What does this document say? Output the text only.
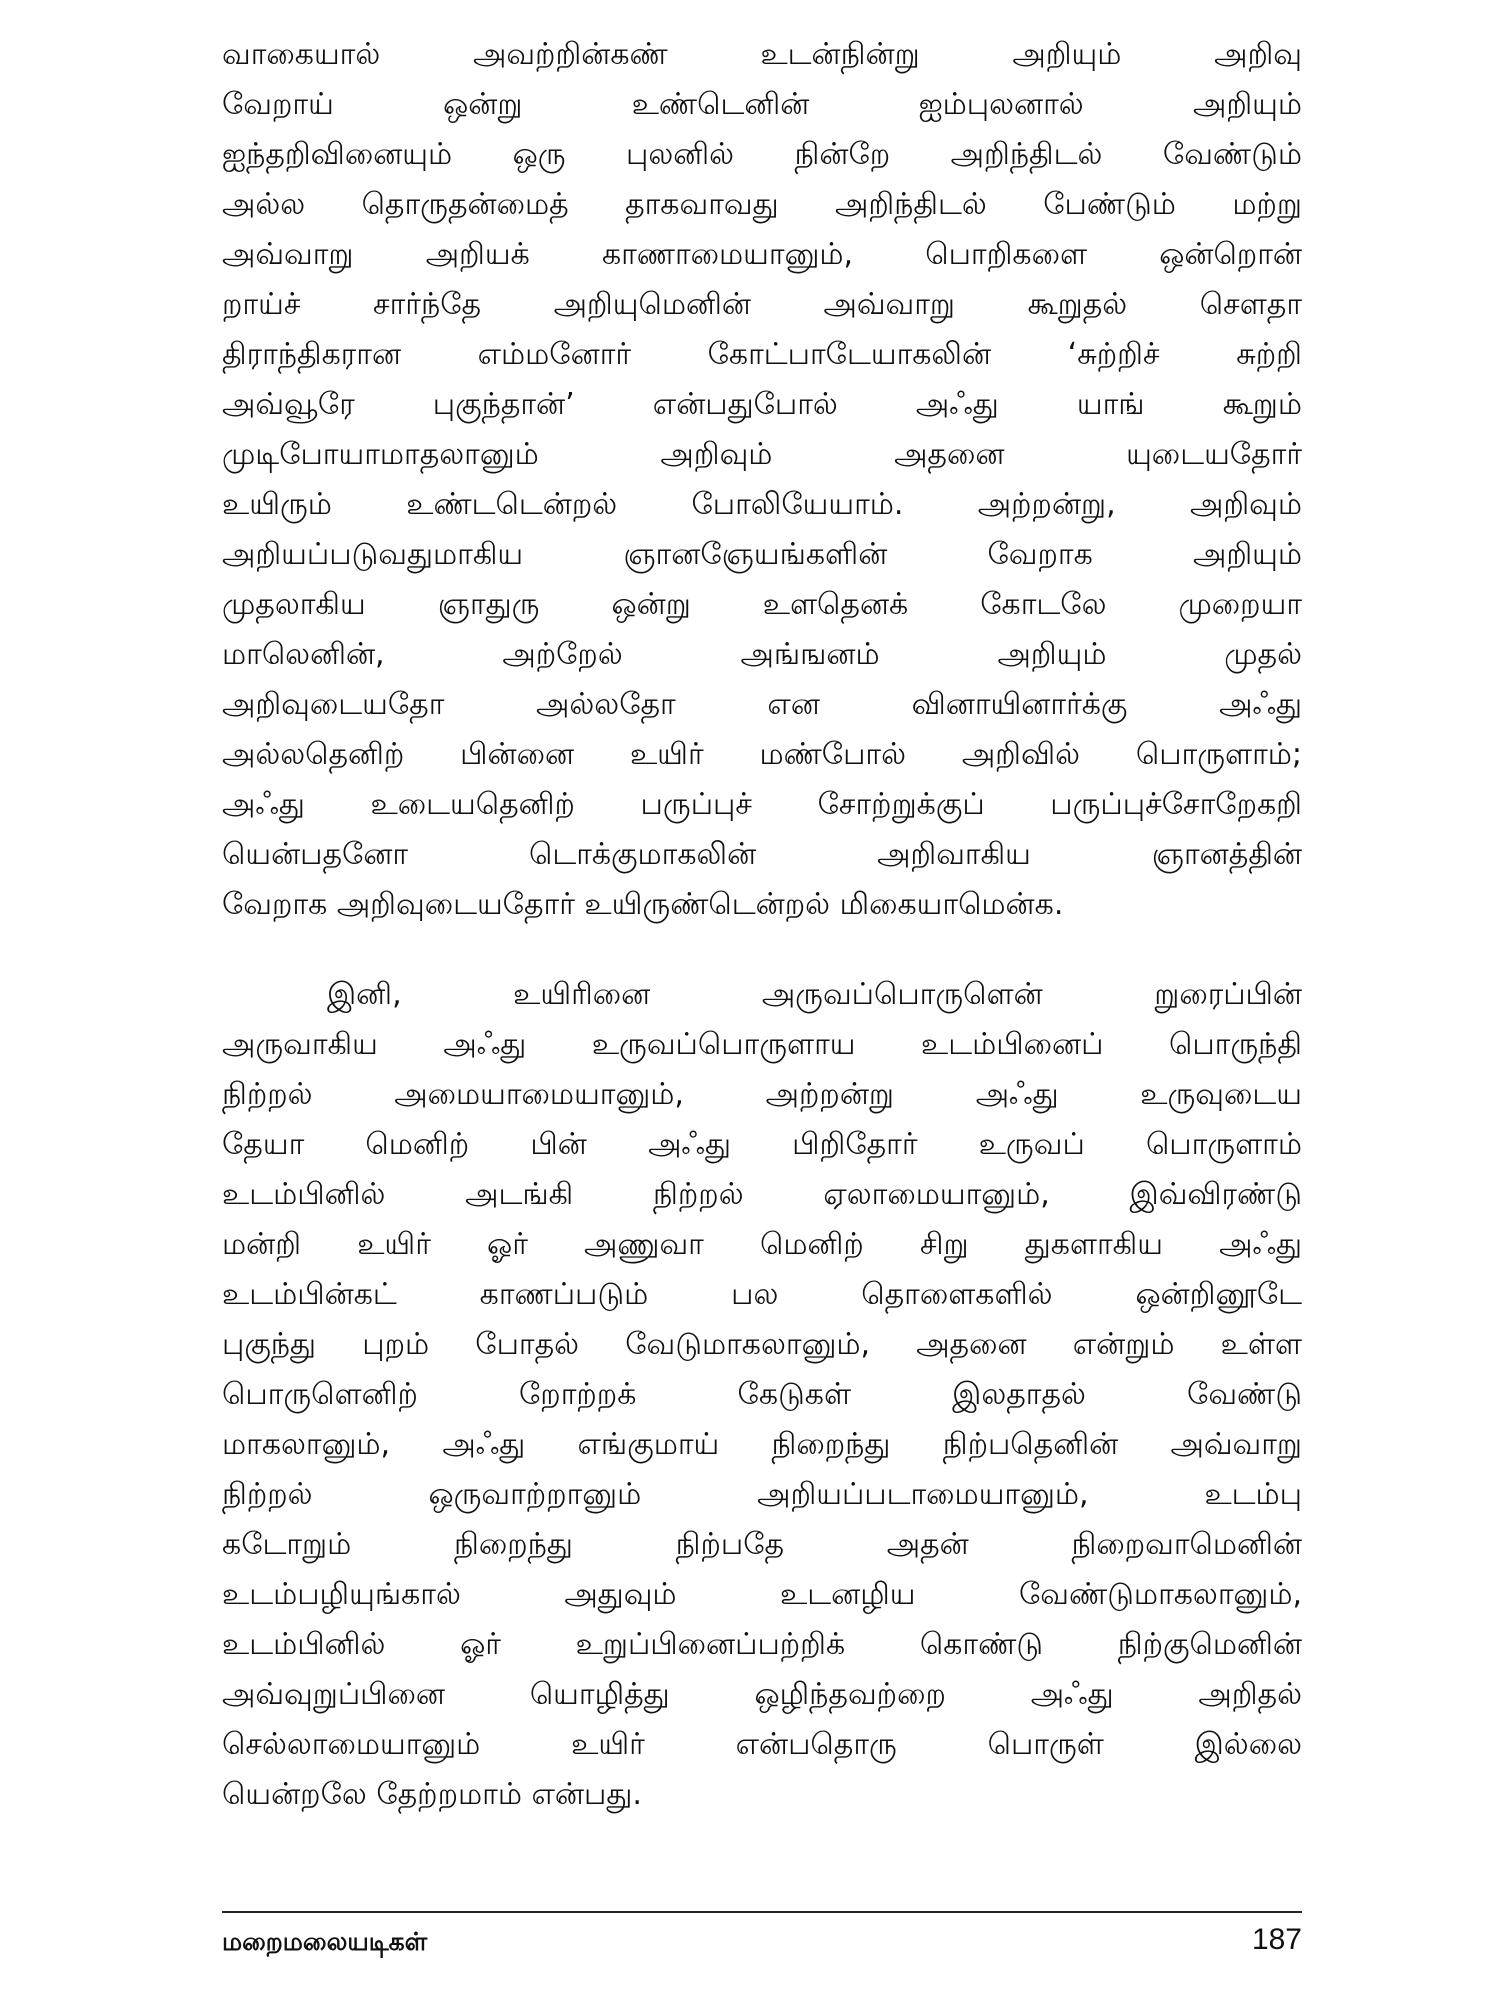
வாகையால் அவற்றின்கண் உடன்நின்று அறியும் அறிவு
வேறாய் ஒன்று உண்டெனின் ஐம்புலனால் அறியும்
ஐந்தறிவினையும் ஒரு புலனில் நின்றே அறிந்திடல் வேண்டும்
அல்ல தொருதன்மைத் தாகவாவது அறிந்திடல் பேண்டும் மற்று
அவ்வாறு அறியக் காணாமையானும், பொறிகளை ஒன்றொன்
றாய்ச் சார்ந்தே அறியுமெனின் அவ்வாறு கூறுதல் சௌதா
திராந்திகரான எம்மனோர் கோட்பாடேயாகலின் ‘சுற்றிச் சுற்றி
அவ்வூரே புகுந்தான்’ என்பதுபோல் அஃது யாங் கூறும்
முடிபோயாமாதலானும் அறிவும் அதனை யுடையதோர்
உயிரும் உண்டடென்றல் போலியேயாம். அற்றன்று, அறிவும்
அறியப்படுவதுமாகிய ஞானஞேயங்களின் வேறாக அறியும்
முதலாகிய ஞாதுரு ஒன்று உளதெனக் கோடலே முறையா
மாலெனின், அற்றேல் அங்ஙனம் அறியும் முதல்
அறிவுடையதோ அல்லதோ என வினாயினார்க்கு அஃது
அல்லதெனிற் பின்னை உயிர் மண்போல் அறிவில் பொருளாம்;
அஃது உடையதெனிற் பருப்புச் சோற்றுக்குப் பருப்புச்சோறேகறி
யென்பதனோ டொக்குமாகலின் அறிவாகிய ஞானத்தின்
வேறாக அறிவுடையதோர் உயிருண்டென்றல் மிகையாமென்க.
இனி, உயிரினை அருவப்பொருளென் றுரைப்பின்
அருவாகிய அஃது உருவப்பொருளாய உடம்பினைப் பொருந்தி
நிற்றல் அமையாமையானும், அற்றன்று அஃது உருவுடைய
தேயா மெனிற் பின் அஃது பிறிதோர் உருவப் பொருளாம்
உடம்பினில் அடங்கி நிற்றல் ஏலாமையானும், இவ்விரண்டு
மன்றி உயிர் ஓர் அணுவா மெனிற் சிறு துகளாகிய அஃது
உடம்பின்கட் காணப்படும் பல தொளைகளில் ஒன்றினூடே
புகுந்து புறம் போதல் வேடுமாகலானும், அதனை என்றும் உள்ள
பொருளெனிற் றோற்றக் கேடுகள் இலதாதல் வேண்டு
மாகலானும், அஃது எங்குமாய் நிறைந்து நிற்பதெனின் அவ்வாறு
நிற்றல் ஒருவாற்றானும் அறியப்படாமையானும், உடம்பு
கடோறும் நிறைந்து நிற்பதே அதன் நிறைவாமெனின்
உடம்பழியுங்கால் அதுவும் உடனழிய வேண்டுமாகலானும்,
உடம்பினில் ஓர் உறுப்பினைப்பற்றிக் கொண்டு நிற்குமெனின்
அவ்வுறுப்பினை யொழித்து ஒழிந்தவற்றை அஃது அறிதல்
செல்லாமையானும் உயிர் என்பதொரு பொருள் இல்லை
யென்றலே தேற்றமாம் என்பது.
மறைமலையடிகள்	187
